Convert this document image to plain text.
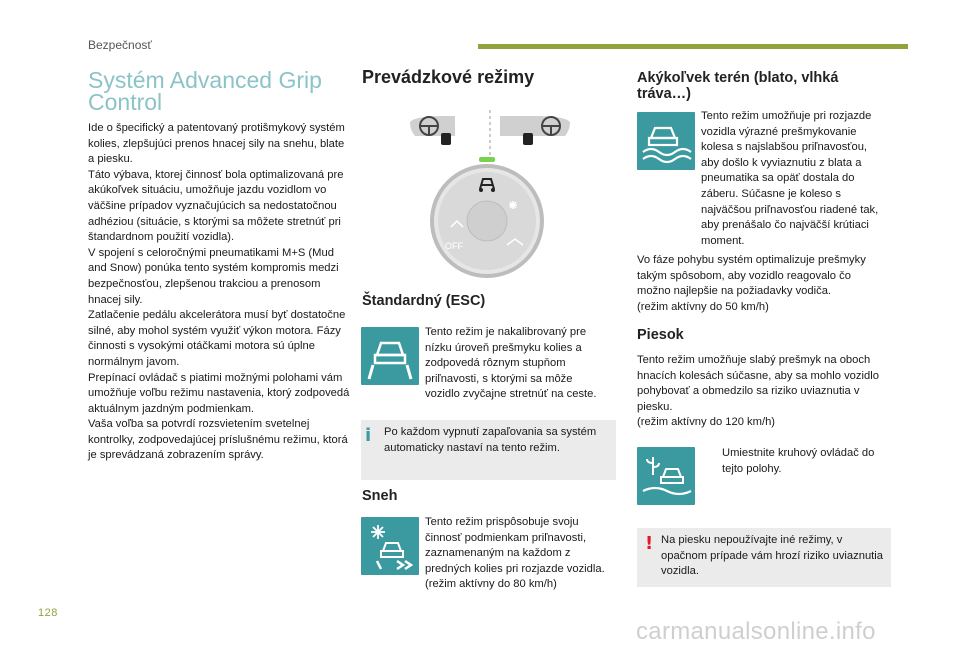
Bezpečnosť
Systém Advanced Grip
Control

Ide o špecifický a patentovaný protišmykový systém kolies, zlepšujúci prenos hnacej sily na snehu, blate a piesku.

Táto výbava, ktorej činnosť bola optimalizovaná pre akúkoľvek situáciu, umožňuje jazdu vozidlom vo väčšine prípadov vyznačujúcich sa nedostatočnou adhéziou (situácie, s ktorými sa môžete stretnúť pri štandardnom použití vozidla).

V spojení s celoročnými pneumatikami M+S (Mud and Snow) ponúka tento systém kompromis medzi bezpečnosťou, zlepšenou trakciou a prenosom hnacej sily.

Zatlačenie pedálu akcelerátora musí byť dostatočne silné, aby mohol systém využiť výkon motora. Fázy činnosti s vysokými otáčkami motora sú úplne normálnym javom.

Prepínací ovládač s piatimi možnými polohami vám umožňuje voľbu režimu nastavenia, ktorý zodpovedá aktuálnym jazdným podmienkam.

Vaša voľba sa potvrdí rozsvietením svetelnej kontrolky, zodpovedajúcej príslušnému režimu, ktorá je sprevádzaná zobrazením správy.

Prevádzkové režimy
OFF
Štandardný (ESC)
Tento režim je nakalibrovaný pre nízku úroveň prešmyku kolies a zodpovedá rôznym stupňom priľnavosti, s ktorými sa môže vozidlo zvyčajne stretnúť na ceste.
i Po každom vypnutí zapaľovania sa systém automaticky nastaví na tento režim.
Sneh
Tento režim prispôsobuje svoju činnosť podmienkam priľnavosti, zaznamenaným na každom z predných kolies pri rozjazde vozidla.
(režim aktívny do 80 km/h)
Akýkoľvek terén (blato, vlhká
tráva…)
Tento režim umožňuje pri rozjazde vozidla výrazné prešmykovanie kolesa s najslabšou priľnavosťou, aby došlo k vyviaznutiu z blata a pneumatika sa opäť dostala do záberu. Súčasne je koleso s najväčšou priľnavosťou riadené tak, aby prenášalo čo najväčší krútiaci moment.
Vo fáze pohybu systém optimalizuje prešmyky takým spôsobom, aby vozidlo reagovalo čo možno najlepšie na požiadavky vodiča.
(režim aktívny do 50 km/h)
Piesok
Tento režim umožňuje slabý prešmyk na oboch hnacích kolesách súčasne, aby sa mohlo vozidlo pohybovať a obmedzilo sa riziko uviaznutia v piesku.
(režim aktívny do 120 km/h)
Umiestnite kruhový ovládač do tejto polohy.
! Na piesku nepoužívajte iné režimy, v opačnom prípade vám hrozí riziko uviaznutia vozidla.
128
carmanualsonline.info
